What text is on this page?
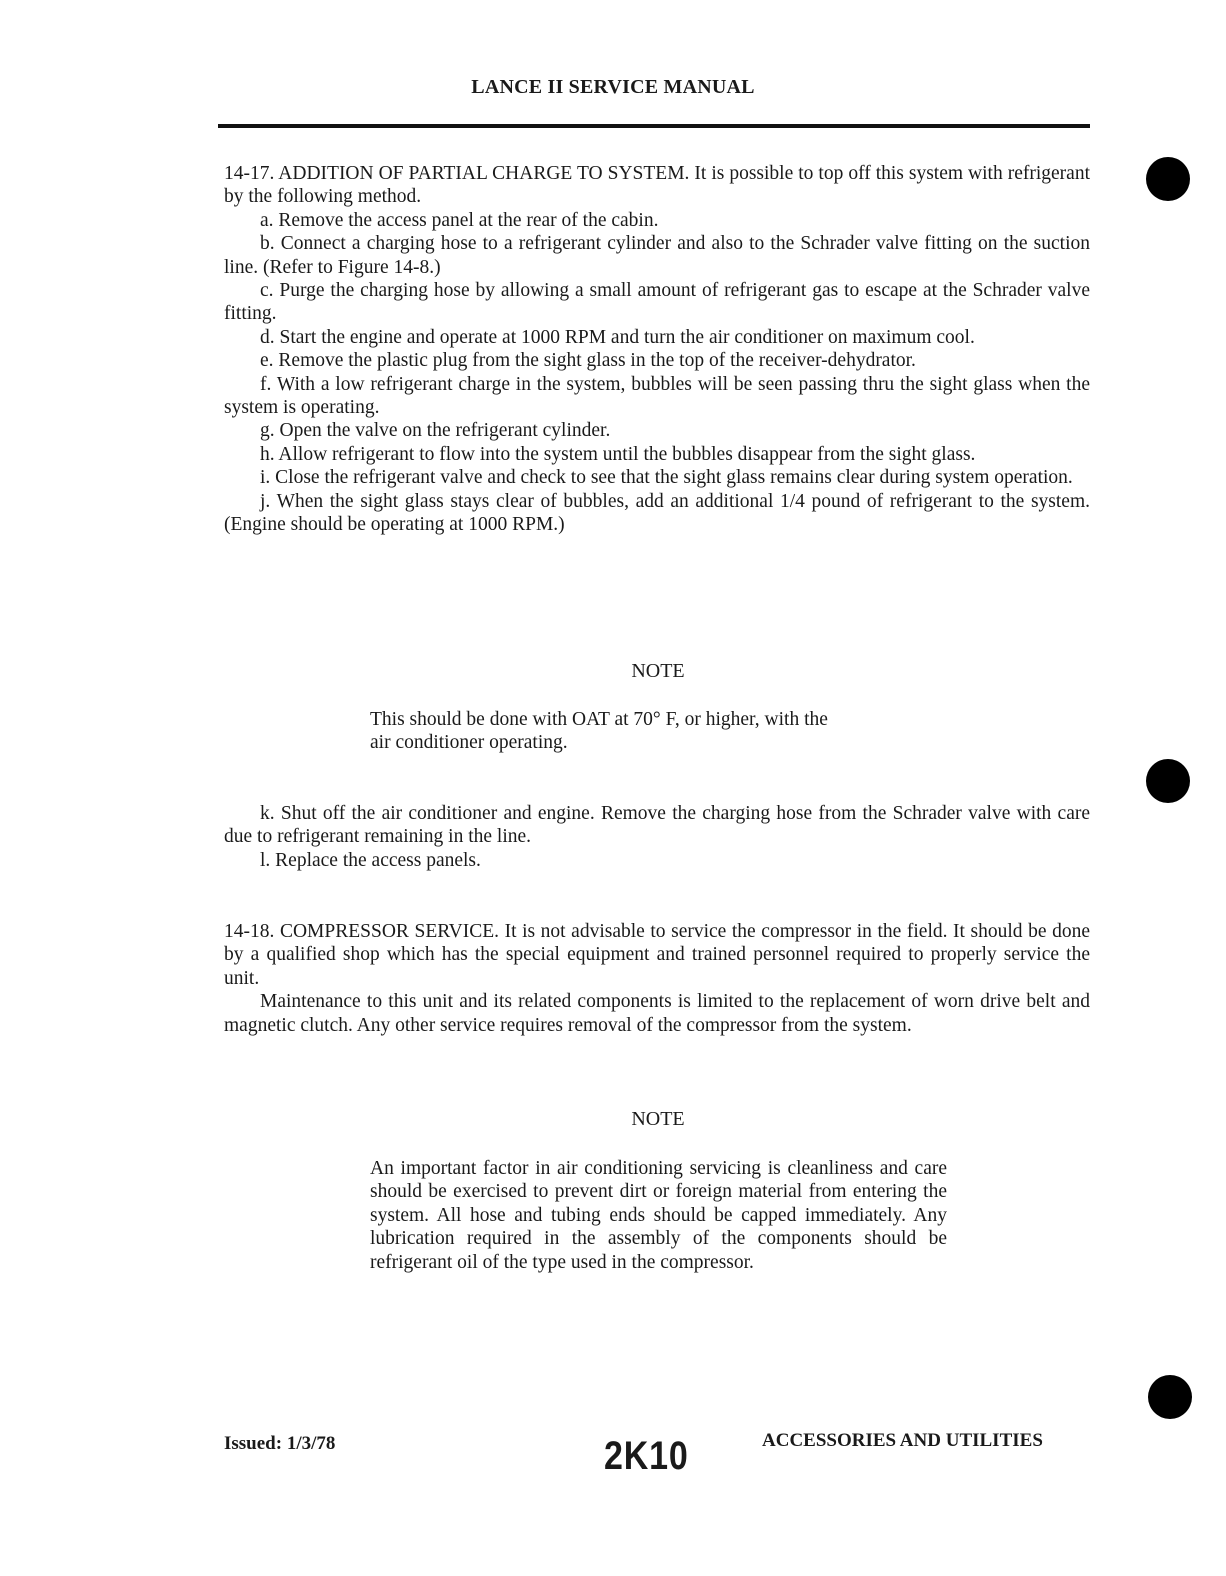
LANCE II SERVICE MANUAL

14-17. ADDITION OF PARTIAL CHARGE TO SYSTEM. It is possible to top off this system with refrigerant by the following method.

a. Remove the access panel at the rear of the cabin.

b. Connect a charging hose to a refrigerant cylinder and also to the Schrader valve fitting on the suction line. (Refer to Figure 14-8.)

c. Purge the charging hose by allowing a small amount of refrigerant gas to escape at the Schrader valve fitting.

d. Start the engine and operate at 1000 RPM and turn the air conditioner on maximum cool.

e. Remove the plastic plug from the sight glass in the top of the receiver-dehydrator.

f. With a low refrigerant charge in the system, bubbles will be seen passing thru the sight glass when the system is operating.

g. Open the valve on the refrigerant cylinder.

h. Allow refrigerant to flow into the system until the bubbles disappear from the sight glass.

i. Close the refrigerant valve and check to see that the sight glass remains clear during system operation.

j. When the sight glass stays clear of bubbles, add an additional 1/4 pound of refrigerant to the system. (Engine should be operating at 1000 RPM.)

NOTE
This should be done with OAT at 70° F, or higher, with the
air conditioner operating.

k. Shut off the air conditioner and engine. Remove the charging hose from the Schrader valve with care due to refrigerant remaining in the line.

l. Replace the access panels.

14-18. COMPRESSOR SERVICE. It is not advisable to service the compressor in the field. It should be done by a qualified shop which has the special equipment and trained personnel required to properly service the unit.

Maintenance to this unit and its related components is limited to the replacement of worn drive belt and magnetic clutch. Any other service requires removal of the compressor from the system.

NOTE
An important factor in air conditioning servicing is cleanliness and care should be exercised to prevent dirt or foreign material from entering the system. All hose and tubing ends should be capped immediately. Any lubrication required in the assembly of the components should be refrigerant oil of the type used in the compressor.
Issued: 1/3/78	2K10	ACCESSORIES AND UTILITIES
